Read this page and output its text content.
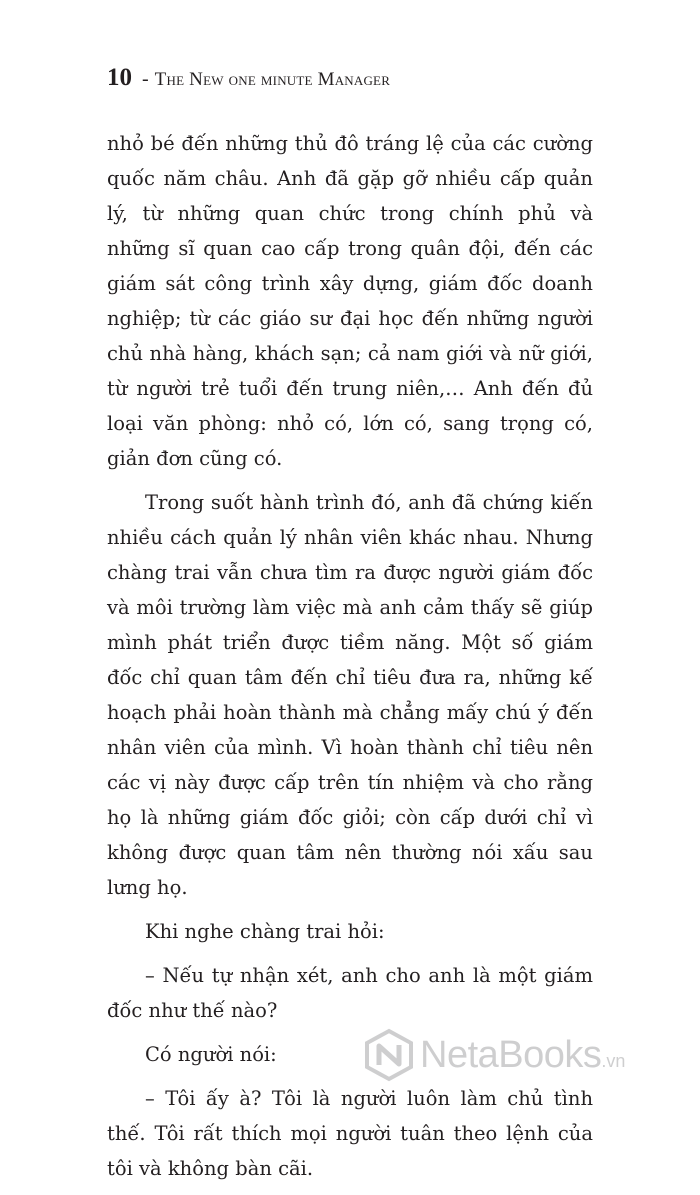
10 - The New one minute Manager

nhỏ bé đến những thủ đô tráng lệ của các cường quốc năm châu. Anh đã gặp gỡ nhiều cấp quản lý, từ những quan chức trong chính phủ và những sĩ quan cao cấp trong quân đội, đến các giám sát công trình xây dựng, giám đốc doanh nghiệp; từ các giáo sư đại học đến những người chủ nhà hàng, khách sạn; cả nam giới và nữ giới, từ người trẻ tuổi đến trung niên,… Anh đến đủ loại văn phòng: nhỏ có, lớn có, sang trọng có, giản đơn cũng có.

Trong suốt hành trình đó, anh đã chứng kiến nhiều cách quản lý nhân viên khác nhau. Nhưng chàng trai vẫn chưa tìm ra được người giám đốc và môi trường làm việc mà anh cảm thấy sẽ giúp mình phát triển được tiềm năng. Một số giám đốc chỉ quan tâm đến chỉ tiêu đưa ra, những kế hoạch phải hoàn thành mà chẳng mấy chú ý đến nhân viên của mình. Vì hoàn thành chỉ tiêu nên các vị này được cấp trên tín nhiệm và cho rằng họ là những giám đốc giỏi; còn cấp dưới chỉ vì không được quan tâm nên thường nói xấu sau lưng họ.

Khi nghe chàng trai hỏi:

– Nếu tự nhận xét, anh cho anh là một giám đốc như thế nào?

Có người nói:

– Tôi ấy à? Tôi là người luôn làm chủ tình thế. Tôi rất thích mọi người tuân theo lệnh của tôi và không bàn cãi.

NetaBooks .vn
